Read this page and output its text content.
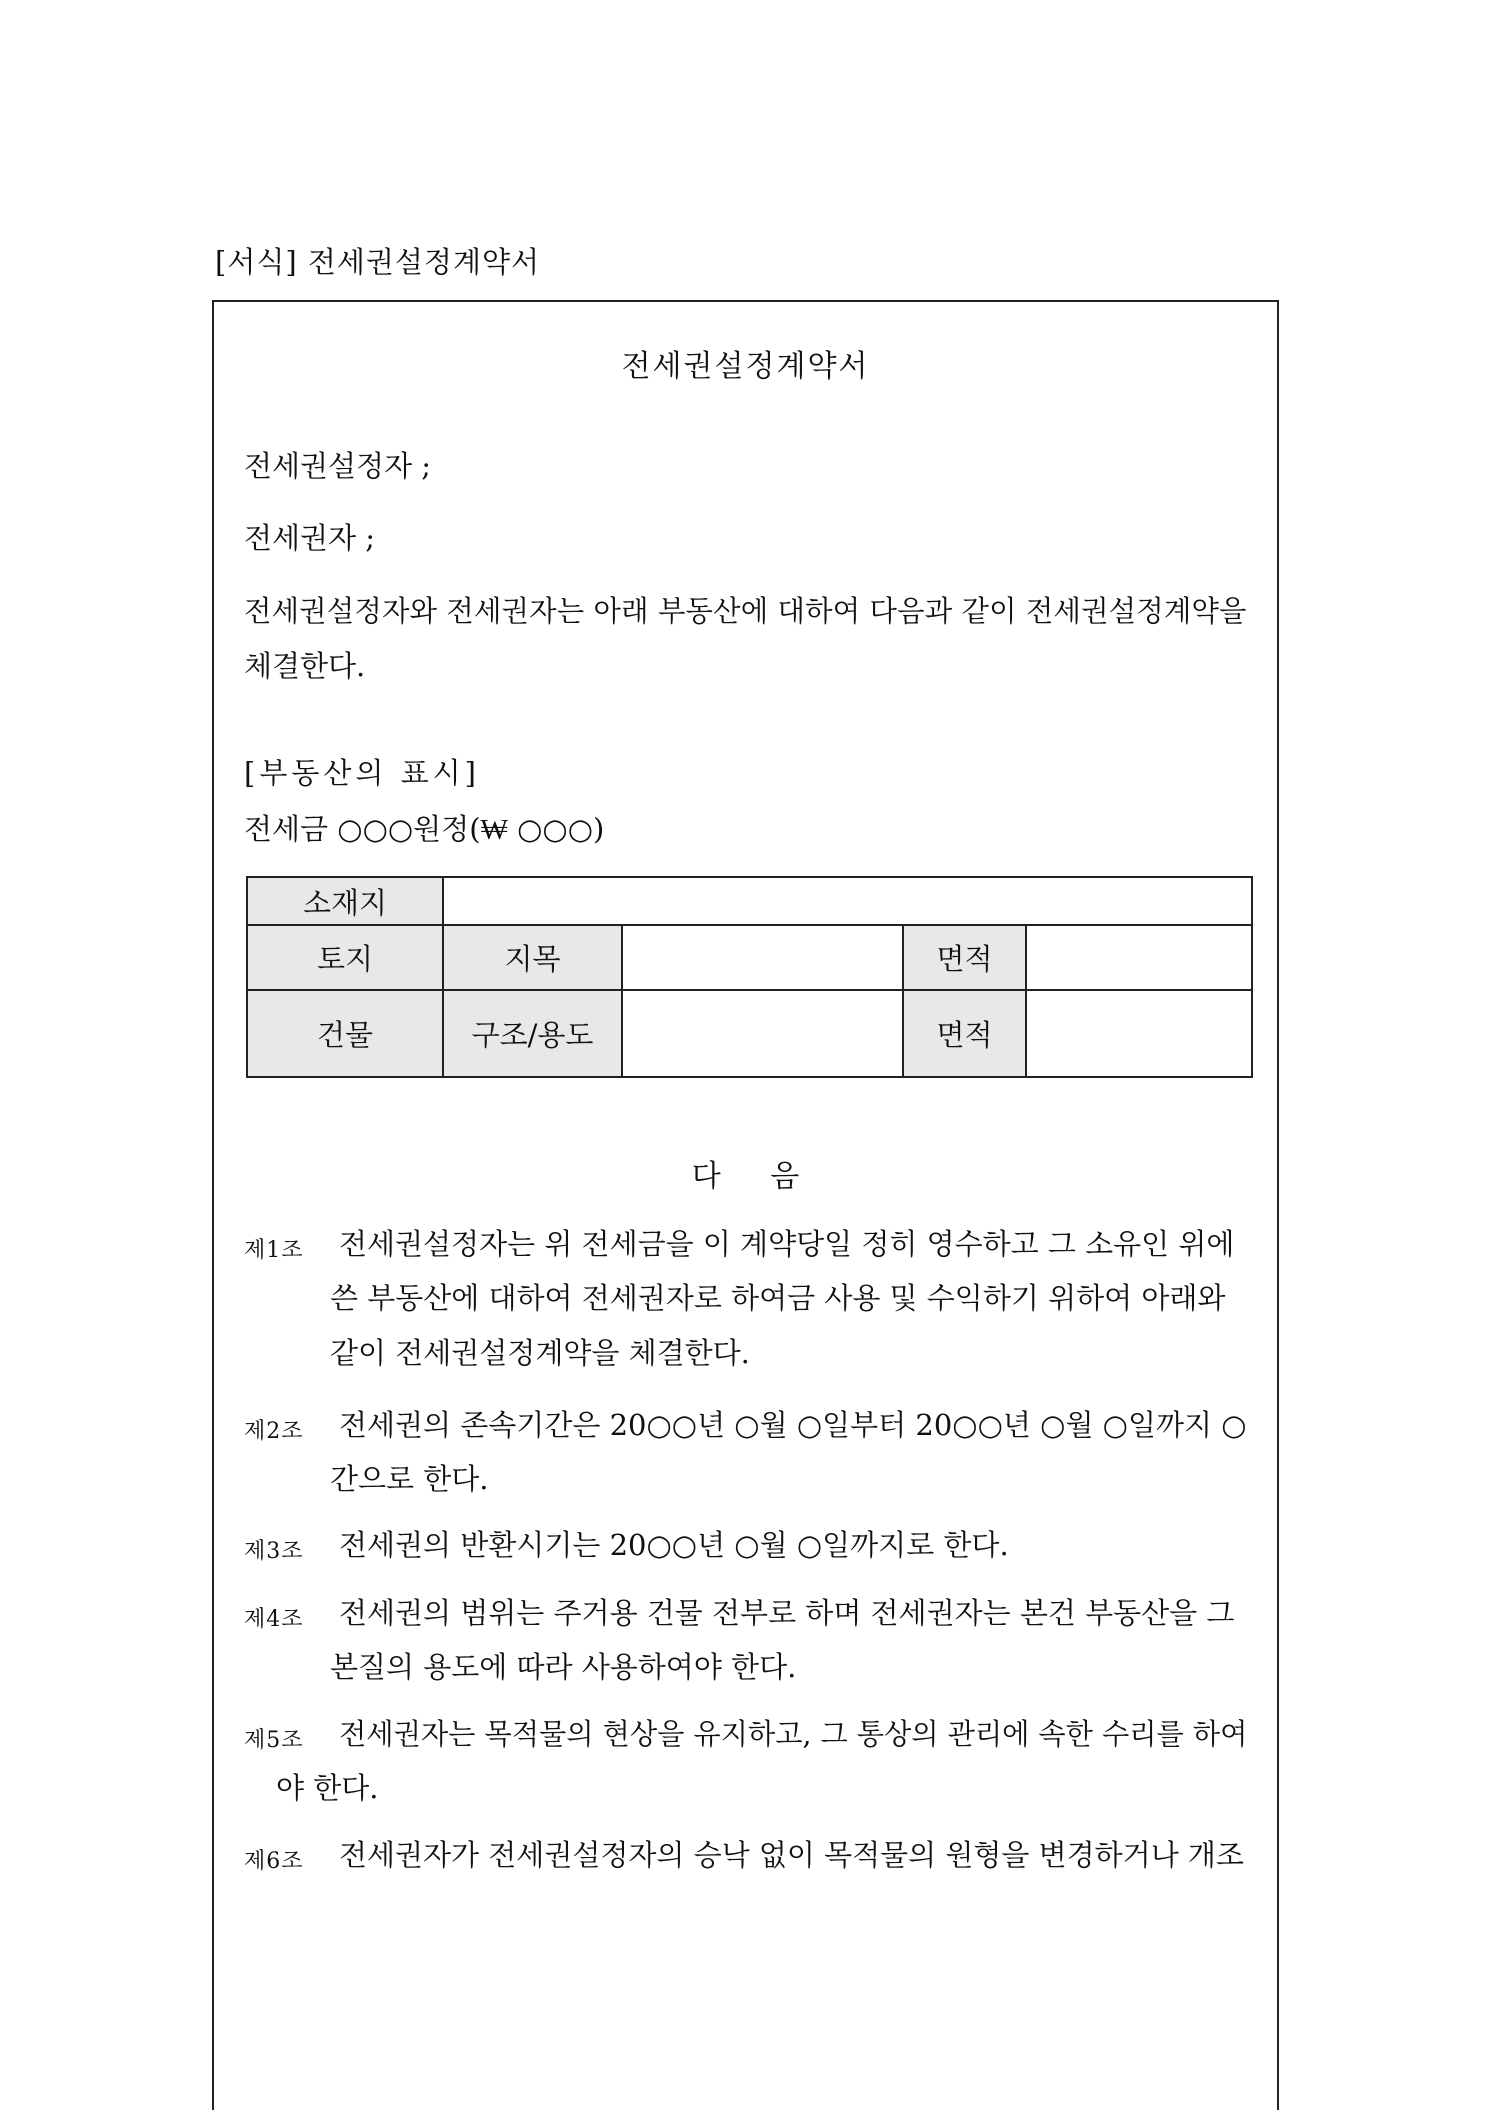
[서식] 전세권설정계약서
전세권설정계약서
전세권설정자 ;
전세권자 ;
전세권설정자와 전세권자는 아래 부동산에 대하여 다음과 같이 전세권설정계약을
체결한다.
[부동산의 표시]
전세금 ○○○원정(₩ ○○○)
소재지				
토지	지목		면적	
건물	구조/용도		면적	
다 음
제1조 전세권설정자는 위 전세금을 이 계약당일 정히 영수하고 그 소유인 위에
쓴 부동산에 대하여 전세권자로 하여금 사용 및 수익하기 위하여 아래와
같이 전세권설정계약을 체결한다.
제2조 전세권의 존속기간은 20○○년 ○월 ○일부터 20○○년 ○월 ○일까지 ○
간으로 한다.
제3조 전세권의 반환시기는 20○○년 ○월 ○일까지로 한다.
제4조 전세권의 범위는 주거용 건물 전부로 하며 전세권자는 본건 부동산을 그
본질의 용도에 따라 사용하여야 한다.
제5조 전세권자는 목적물의 현상을 유지하고, 그 통상의 관리에 속한 수리를 하여
야 한다.
제6조 전세권자가 전세권설정자의 승낙 없이 목적물의 원형을 변경하거나 개조
